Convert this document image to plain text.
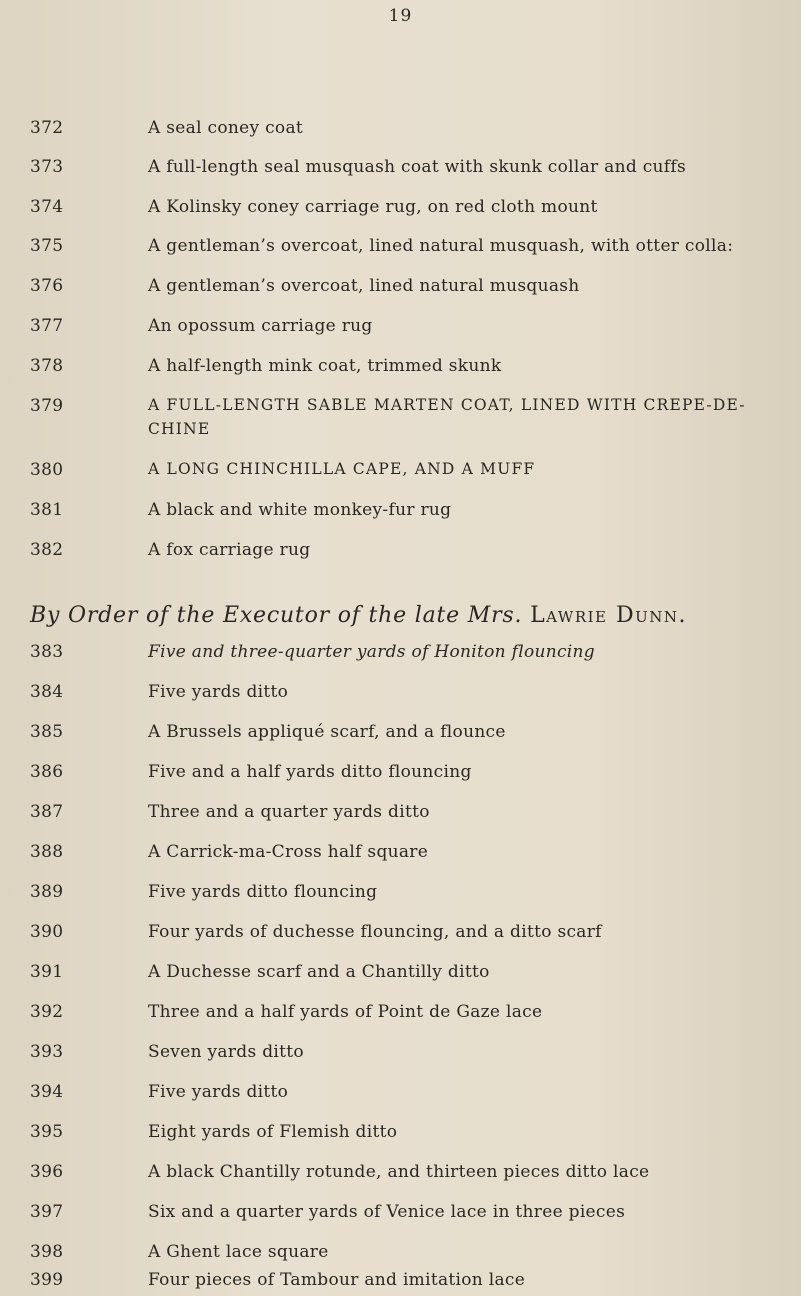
19
372	A seal coney coat
373	A full-length seal musquash coat with skunk collar and cuffs
374	A Kolinsky coney carriage rug, on red cloth mount
375	A gentleman’s overcoat, lined natural musquash, with otter colla:
376	A gentleman’s overcoat, lined natural musquash
377	An opossum carriage rug
378	A half-length mink coat, trimmed skunk
379	A FULL-LENGTH SABLE MARTEN COAT, LINED WITH CREPE-DE-
CHINE
380	A LONG CHINCHILLA CAPE, AND A MUFF
381	A black and white monkey-fur rug
382	A fox carriage rug
By Order of the Executor of the late Mrs. Lawrie Dunn.
383	Five and three-quarter yards of Honiton flouncing
384	Five yards ditto
385	A Brussels appliqué scarf, and a flounce
386	Five and a half yards ditto flouncing
387	Three and a quarter yards ditto
388	A Carrick-ma-Cross half square
389	Five yards ditto flouncing
390	Four yards of duchesse flouncing, and a ditto scarf
391	A Duchesse scarf and a Chantilly ditto
392	Three and a half yards of Point de Gaze lace
393	Seven yards ditto
394	Five yards ditto
395	Eight yards of Flemish ditto
396	A black Chantilly rotunde, and thirteen pieces ditto lace
397	Six and a quarter yards of Venice lace in three pieces
398	A Ghent lace square
399	Four pieces of Tambour and imitation lace
